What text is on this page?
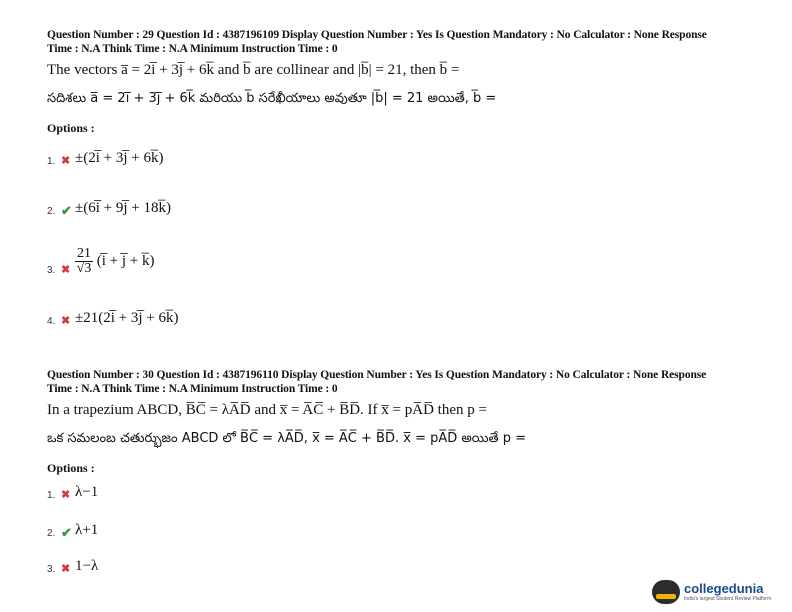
Question Number : 29 Question Id : 4387196109 Display Question Number : Yes Is Question Mandatory : No Calculator : None Response
Time : N.A Think Time : N.A Minimum Instruction Time : 0
The vectors a̅ = 2i̅ + 3j̅ + 6k̅ and b̅ are collinear and |b̅| = 21, then b̅ =
సదిశలు a̅ = 2i̅ + 3j̅ + 6k̅ మరియు b̅ సరేఖీయాలు అవుతూ |b̅| = 21 అయితే, b̅ =
Options :
1. ✖ ±(2i̅ + 3j̅ + 6k̅)
2. ✔ ±(6i̅ + 9j̅ + 18k̅)
3. ✖ $\frac{21}{√3}$ (i̅ + j̅ + k̅)
4. ✖ ±21(2i̅ + 3j̅ + 6k̅)
Question Number : 30 Question Id : 4387196110 Display Question Number : Yes Is Question Mandatory : No Calculator : None Response
Time : N.A Think Time : N.A Minimum Instruction Time : 0
In a trapezium ABCD, B̅C̅ = λA̅D̅ and x̅ = A̅C̅ + B̅D̅. If x̅ = pA̅D̅ then p =
ఒక సమలంబ చతుర్భుజం ABCD లో B̅C̅ = λA̅D̅, x̅ = A̅C̅ + B̅D̅. x̅ = pA̅D̅ అయితే p =
Options :
1. ✖ λ−1
2. ✔ λ+1
3. ✖ 1−λ
collegedunia
India's largest Student Review Platform
